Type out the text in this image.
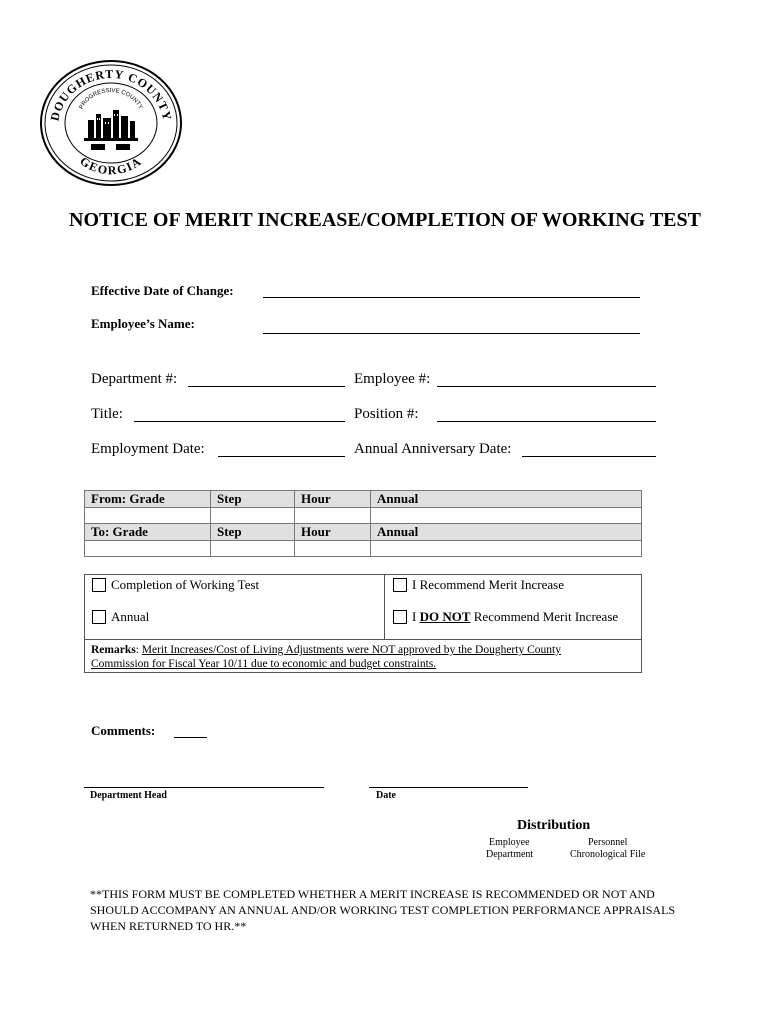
DOUGHERTY COUNTY
GEORGIA
PROGRESSIVE COUNTY
NOTICE OF MERIT INCREASE/COMPLETION OF WORKING TEST
Effective Date of Change:
Employee’s Name:
Department #:	Employee #:
Title:	Position #:
Employment Date:	Annual Anniversary Date:
From: Grade	Step	Hour	Annual

To: Grade	Step	Hour	Annual

Completion of Working Test
Annual
I Recommend Merit Increase
I DO NOT Recommend Merit Increase
Remarks: Merit Increases/Cost of Living Adjustments were NOT approved by the Dougherty County
Commission for Fiscal Year 10/11 due to economic and budget constraints.
Comments:
Department Head	Date
Distribution
Employee
Department
Personnel
Chronological File
**THIS FORM MUST BE COMPLETED WHETHER A MERIT INCREASE IS RECOMMENDED OR NOT AND SHOULD ACCOMPANY AN ANNUAL AND/OR WORKING TEST COMPLETION PERFORMANCE APPRAISALS WHEN RETURNED TO HR.**
